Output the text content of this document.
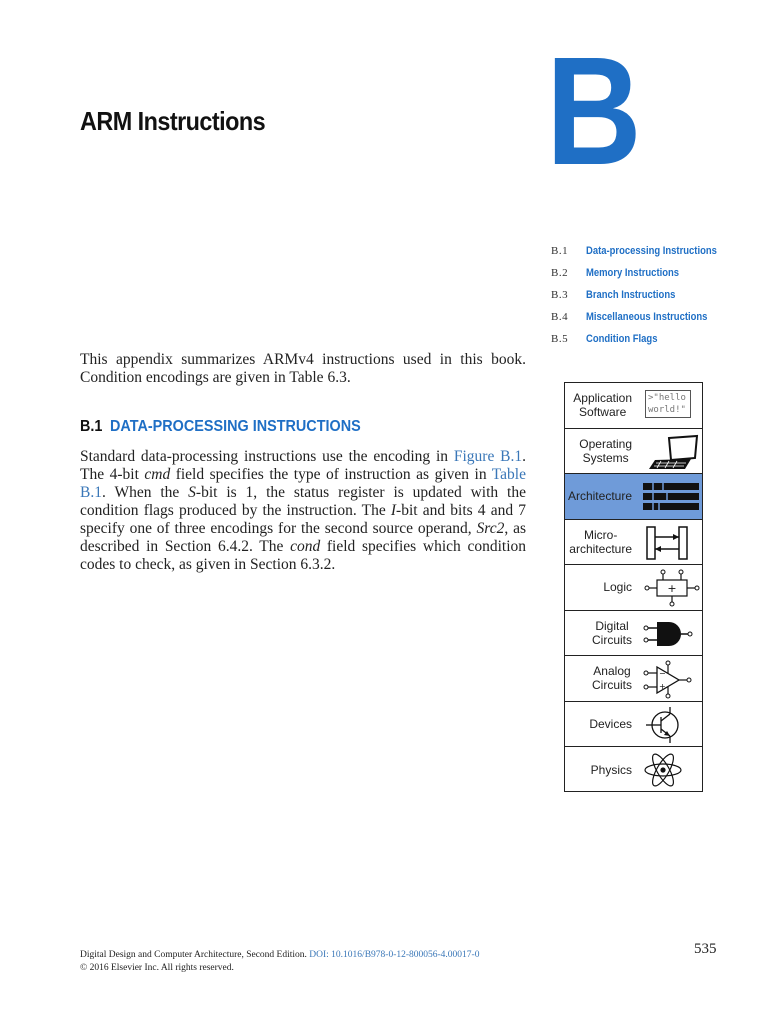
ARM Instructions B
B.1	Data-processing Instructions
B.2	Memory Instructions
B.3	Branch Instructions
B.4	Miscellaneous Instructions
B.5	Condition Flags

This appendix summarizes ARMv4 instructions used in this book. Condition encodings are given in Table 6.3.

B.1 DATA-PROCESSING INSTRUCTIONS

Standard data-processing instructions use the encoding in Figure B.1. The 4-bit cmd field specifies the type of instruction as given in Table B.1. When the S-bit is 1, the status register is updated with the condition flags produced by the instruction. The I-bit and bits 4 and 7 specify one of three encodings for the second source operand, Src2, as described in Section 6.4.2. The cond field specifies which condition codes to check, as given in Section 6.3.2.

Application
Software
>"hello
world!"
Operating
Systems
Architecture
Micro-
architecture
Logic	+
Digital
Circuits
Analog
Circuits
−
+
Devices
Physics
Digital Design and Computer Architecture, Second Edition. DOI: 10.1016/B978-0-12-800056-4.00017-0
© 2016 Elsevier Inc. All rights reserved.
535
